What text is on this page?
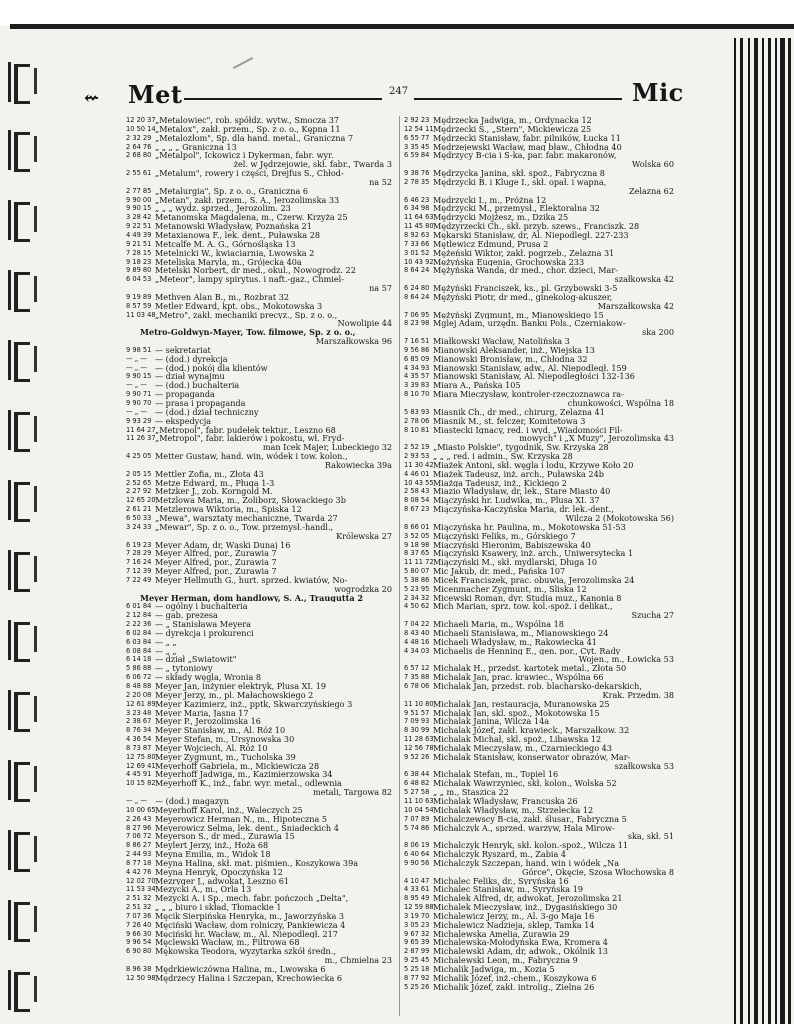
⇜ Met	247	Mic
12 20 37 „Metalowiec", rob. spółdz. wytw., Smocza 37
10 50 14 „Metalox", zakł. przem., Sp. z o. o., Kępna 11
2 32 29 „Metalozłom", Sp. dla hand. metal., Graniczna 7
2 64 76 „ „ „ „ Graniczna 13
2 68 80 „Metalpol", Ickowicz i Dykerman, fabr. wyr.
żel. w Jędrzejowie, skł. fabr., Twarda 3
2 55 61 „Metalum", rowery i części, Drejfus S., Chłod-
na 52
2 77 85 „Metalurgia", Sp. z o. o., Graniczna 6
9 90 00 „Metan", zakł. przem., S. A., Jerozolimska 33
9 90 15 „ „ „ wydz. sprzed., Jerozolim. 23
3 28 42 Metanomska Magdalena, m., Czerw. Krzyża 25
9 22 51 Metanowski Władysław, Poznańska 21
4 49 39 Metaxianowa F., lek. dent., Puławska 28
9 21 51 Metcalfe M. A. G., Górnośląska 13
7 28 15 Metelnicki W., kwiaciarnia, Lwowska 2
9 18 23 Meteliska Maryla, m., Grójecka 40a
9 89 80 Metelski Norbert, dr med., okul., Nowogrodz. 22
6 04 53 „Meteor", lampy spirytus. i naft.-gaz., Chmiel-
na 57
9 19 89 Methven Alan B., m., Rozbrat 32
8 57 59 Metler Edward, kpt. obs., Mokotowska 3
11 03 48 „Metro", zakł. mechaniki precyz., Sp. z o. o.,
Nowolipie 44
Metro-Goldwyn-Mayer, Tow. filmowe, Sp. z o. o.,
Marszałkowska 96
9 98 51 — sekretariat
— „ — — (dod.) dyrekcja
— „ — — (dod.) pokój dla klientów
9 90 15 — dział wynajmu
— „ — — (dod.) buchalteria
9 90 71 — propaganda
9 90 70 — prasa i propaganda
— „ — — (dod.) dział techniczny
9 93 29 — ekspedycja
11 64 27 „Metropol", fabr. pudełek tektur., Leszno 68
11 26 37 „Metropol", fabr. lakierów i pokostu, wł. Fryd-
man Icek Majer, Lubeckiego 32
4 25 05 Metter Gustaw, hand. win, wódek i tow. kolon.,
Rakowiecka 39a
2 05 15 Mettler Zofia, m., Złota 43
2 52 65 Metze Edward, m., Pługa 1-3
2 27 92 Metzker J., zob. Korngold M.
12 65 20 Metzlowa Maria, m., Żoliborz, Słowackiego 3b
2 61 21 Metzlerowa Wiktoria, m., Śpiska 12
6 50 33 „Mewa", warsztaty mechaniczne, Twarda 27
3 24 33 „Mewar", Sp. z o. o., Tow. przemysł.-handl.,
Królewska 27
6 19 23 Meyer Adam, dr, Wąski Dunaj 16
7 28 29 Meyer Alfred, por., Żurawia 7
7 16 24 Meyer Alfred, por., Żurawia 7
7 12 39 Meyer Alfred, por., Żurawia 7
7 22 49 Meyer Hellmuth G., hurt. sprzed. kwiatów, No-
wogrodzka 20
Meyer Herman, dom handlowy, S. A., Traugutta 2
6 01 84 — ogólny i buchalteria
2 12 84 — gab. prezesa
2 22 36 — „ Stanisława Meyera
6 02 84 — dyrekcja i prokurenci
6 03 84 — „ „
6 08 84 — „ „
6 14 18 — dział „Światowit"
5 86 88 — „ tytoniowy
6 06 72 — składy węgla, Wronia 8
8 48 88 Meyer Jan, inżynier elektryk, Plusa XI. 19
2 20 08 Meyer Jerzy, m., pl. Małachowskiego 2
12 61 89 Meyer Kazimierz, inż., pptk, Skwarczyńskiego 3
3 23 48 Meyer Maria, Jasna 17
2 38 67 Meyer P., Jerozolimska 16
8 76 34 Meyer Stanisław, m., Al. Róż 10
4 36 54 Meyer Stefan, m., Ursynowska 30
8 73 87 Meyer Wojciech, Al. Róż 10
12 75 80 Meyer Zygmunt, m., Tucholska 39
12 69 41 Meyerhoff Gabriela, m., Mickiewicza 28
4 45 91 Meyerhoff Jadwiga, m., Kazimierzowska 34
10 15 82 Meyerhoff K., inż., fabr. wyr. metal., odlewnia
metali, Targowa 82
— „ — — (dod.) magazyn
10 00 65 Meyerhoff Karol, inż., Waleczych 25
2 26 43 Meyerowicz Herman N., m., Hipoteczna 5
8 27 96 Meyerowicz Selma, lek. dent., Śniadeckich 4
7 06 72 Meyerson S., dr med., Żurawia 15
8 86 27 Meylert Jerzy, inż., Hoża 68
2 44 93 Meyna Emilia, m., Widok 18
8 77 18 Meyna Halina, skł. mat. piśmien., Koszykowa 39a
4 42 76 Meyna Henryk, Opoczyńska 12
12 02 70 Mezryger J., adwokat, Leszno 61
11 53 34 Mezycki A., m., Orla 13
2 51 32 Mezycki A. i Sp., mech. fabr. pończoch „Delta",
2 51 32 „ „ „ biuro i skład, Tłomackie 1
7 07 36 Męcik Sierpińska Henryka, m., Jaworzyńska 3
7 26 40 Męciński Wacław, dom rolniczy, Pankiewicza 4
9 66 30 Męciński hr. Wacław, m., Al. Niepodległ. 217
9 96 54 Męclewski Wacław, m., Filtrowa 68
6 90 80 Mękowska Teodora, wyzytarka szkół średn.,
m., Chmielna 23
8 96 38 Mędrkiewiczówna Halina, m., Lwowska 6
12 50 98 Mędrzecy Halina i Szczepan, Krechowiecka 6
2 92 23 Mędrzecka Jadwiga, m., Ordynacka 12
12 54 11 Mędrzecki S., „Stern", Mickiewicza 25
6 55 77 Mędrzecki Stanisław, fabr. pilników, Łucka 11
3 35 45 Mędrzejewski Wacław, mag bław., Chłodna 40
6 59 84 Mędrzycy B-cia i S-ka, par. fabr. makaronów,
Wolska 60
9 38 76 Mędrzycka Janina, skł. spoż., Fabryczna 8
2 78 35 Mędrzycki B. i Kluge I., skł. opał. i wapna,
Żelazna 62
6 46 23 Mędrzycki I., m., Próżna 12
6 34 98 Mędrzycki M., przemysł., Elektoralna 32
11 64 63 Mędrzycki Mojżesz, m., Dzika 25
11 45 80 Mędzyrzecki Ch., skł. przyb. szews., Franciszk. 28
8 92 63 Mękarski Stanisław, dr, Al. Niepodległ. 227-233
7 33 66 Mętlewicz Edmund, Prusa 2
3 01 52 Mężeński Wiktor, zakł. pogrzeb., Żelazna 31
10 43 92 Mężyńska Eugenia, Grochowska 233
8 64 24 Mężyńska Wanda, dr med., chor. dzieci, Mar-
szałkowska 42
6 24 80 Mężyński Franciszek, ks., pl. Grzybowski 3-5
8 64 24 Mężyński Piotr, dr med., ginekolog-akuszer,
Marszałkowska 42
7 06 95 Mężyński Zygmunt, m., Mianowskiego 15
8 23 98 Mglej Adam, urzędn. Banku Pols., Czerniakow-
ska 200
7 16 51 Miałkowski Wacław, Natolińska 3
9 56 86 Mianowski Aleksander, inż., Wiejska 13
6 85 09 Mianowski Bronisław, m., Chłodna 32
4 34 93 Mianowski Stanisław, adw., Al. Niepodległ. 159
4 35 57 Mianowski Stanisław, Al. Niepodległości 132-136
3 39 83 Miara A., Pańska 105
8 10 70 Miara Mieczysław, kontroler-rzeczoznawca ra-
chunkowości, Wspólna 18
5 83 93 Miasnik Ch., dr med., chirurg, Żelazna 41
2 78 06 Miasnik M., st. felczer, Komitetowa 3
8 10 81 Miastecki Ignacy, red. i wyd. „Wiadomości Fil-
mowych" i „X Muzy", Jerozolimska 43
2 52 19 „Miasto Polskie", tygodnik, Św. Krzyska 28
2 93 53 „ „ „ red. i admin., Św. Krzyska 28
11 30 42 Miażek Antoni, skł. węgla i lodu, Krzywe Koło 20
4 46 01 Miażek Tadeusz, inż. arch., Puławska 24b
10 43 55 Miażga Tadeusz, inż., Kickiego 2
2 58 43 Miazio Władysław, dr, lek., Stare Miasto 40
8 08 54 Miączyński hr. Ludwika, m., Plusa XI. 37
8 67 23 Miączyńska-Kaczyńska Maria, dr. lek.-dent.,
Wilcza 2 (Mokotowska 56)
8 66 01 Miączyńska hr. Paulina, m., Mokotowska 51-53
3 52 05 Miączyński Feliks, m., Górskiego 7
9 18 98 Miączyński Hieronim, Babiszewska 40
8 37 65 Miączyński Ksawery, inż. arch., Uniwersytecka 1
11 11 72 Miączyński M., skł. mydlarski, Długa 10
5 80 07 Mic Jakub, dr. med., Pańska 107
5 38 86 Micek Franciszek, prac. obuwia, Jerozolimska 24
5 23 95 Micenmacher Zygmunt, m., Śliska 12
2 34 32 Micewski Roman, dyr. Studia muz., Kanonia 8
4 50 62 Mich Marian, sprz. tow. kol.-spoż. i delikat.,
Szucha 27
7 04 22 Michaeli Maria, m., Wspólna 18
8 43 40 Michaeli Stanisława, m., Mianowskiego 24
4 48 16 Michaeli Władysław, m., Rakowiecka 41
4 34 03 Michaelis de Henning E., gen. por., Cyt. Rady
Wojen., m., Łowicka 53
6 57 12 Michalak H., przedst. kartotek metal., Złota 50
7 35 88 Michalak Jan, prac. krawiec., Wspólna 66
6 78 06 Michalak Jan, przedst. rob. blacharsko-dekarskich,
Krak. Przedm. 38
11 10 80 Michalak Jan, restauracja, Muranowska 25
9 51 57 Michalak Jan, skl. spoż., Mokotowska 15
7 09 93 Michalak Janina, Wilcza 14a
8 30 99 Michalak Józef, zakł. krawieck., Marszałkow. 32
11 28 63 Michalak Michał, skl. spoż., Libawska 12
12 56 78 Michalak Mieczysław, m., Czarnieckiego 43
9 52 26 Michalak Stanisław, konserwator obrazów, Mar-
szałkowska 53
6 38 44 Michalak Stefan, m., Topiel 16
6 48 82 Michalak Wawrzyniec, skł. kolon., Wolska 52
5 27 58 „ „ m., Staszica 22
11 10 63 Michalak Władysław, Francuska 26
10 04 54 Michalak Władysław, m., Strzelecka 12
7 07 89 Michalczewscy B-cia, zakł. ślusar., Fabryczna 5
5 74 86 Michalczyk A., sprzed. warzyw, Hala Mirow-
ska, skł. 51
8 06 19 Michalczyk Henryk, skł. kolon.-spoż., Wilcza 11
6 40 64 Michalczyk Ryszard, m., Żabia 4
9 90 56 Michalczyk Szczepan, hand. win i wódek „Na
Górce", Okęcie, Szosa Włochowska 8
4 10 47 Michalec Feliks, dr., Syryńska 16
4 33 61 Michalec Stanisław, m., Syryńska 19
8 95 49 Michalek Alfred, dr, adwokat, Jerozolimska 21
12 59 88 Michalek Mieczysław, inż., Dygasińskiego 30
3 19 70 Michalewicz Jerzy, m., Al. 3-go Maja 16
3 05 23 Michalewicz Nadzieja, sklep, Tamka 14
9 67 32 Michalewska Amelia, Żurawia 29
9 65 39 Michalewska-Mołodyńska Ewa, Kromera 4
2 87 99 Michalewski Adam, dr, adwok., Okólnik 13
9 25 45 Michalewski Leon, m., Fabryczna 9
5 25 18 Michalik Jadwiga, m., Kozia 5
8 77 92 Michalik Józef, inż.-chem., Koszykowa 6
5 25 26 Michalik Józef, zakł. introlig., Zielna 26
